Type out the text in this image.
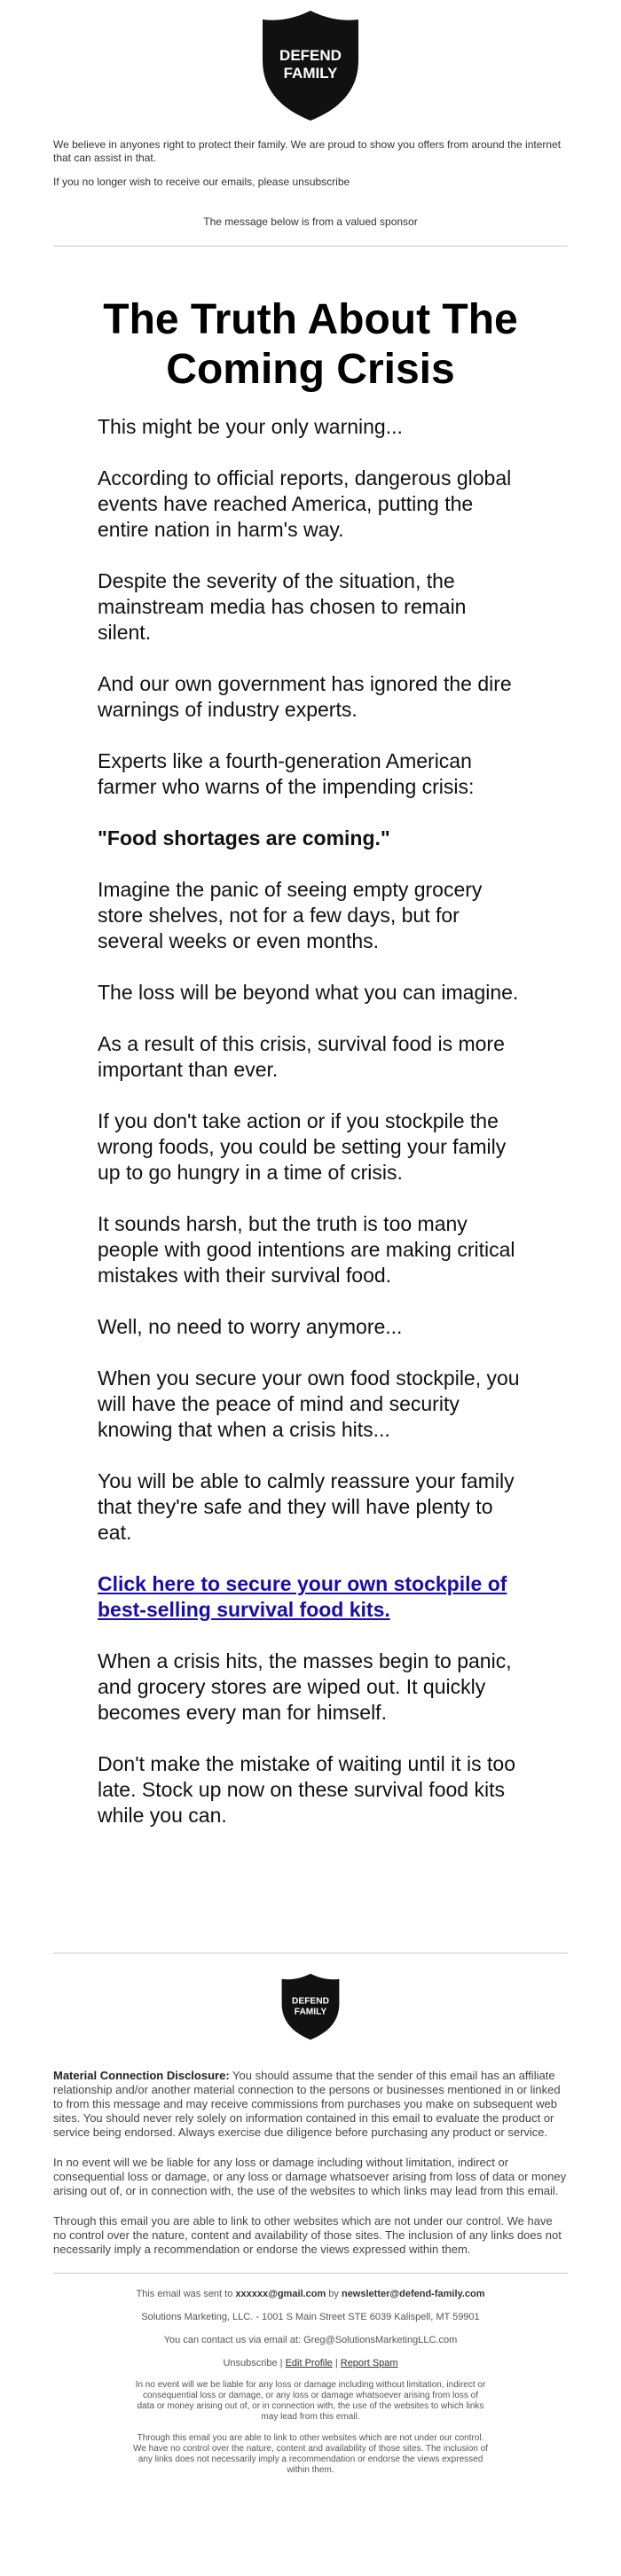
DEFEND
FAMILY

We believe in anyones right to protect their family. We are proud to show you offers from around the internet that can assist in that.

If you no longer wish to receive our emails, please unsubscribe

The message below is from a valued sponsor
The Truth About The Coming Crisis

This might be your only warning...

According to official reports, dangerous global events have reached America, putting the entire nation in harm's way.

Despite the severity of the situation, the mainstream media has chosen to remain silent.

And our own government has ignored the dire warnings of industry experts.

Experts like a fourth-generation American farmer who warns of the impending crisis:

"Food shortages are coming."

Imagine the panic of seeing empty grocery store shelves, not for a few days, but for several weeks or even months.

The loss will be beyond what you can imagine.

As a result of this crisis, survival food is more important than ever.

If you don't take action or if you stockpile the wrong foods, you could be setting your family up to go hungry in a time of crisis.

It sounds harsh, but the truth is too many people with good intentions are making critical mistakes with their survival food.

Well, no need to worry anymore...

When you secure your own food stockpile, you will have the peace of mind and security knowing that when a crisis hits...

You will be able to calmly reassure your family that they're safe and they will have plenty to eat.

Click here to secure your own stockpile of best-selling survival food kits.

When a crisis hits, the masses begin to panic, and grocery stores are wiped out. It quickly becomes every man for himself.

Don't make the mistake of waiting until it is too late. Stock up now on these survival food kits while you can.

DEFEND
FAMILY

Material Connection Disclosure: You should assume that the sender of this email has an affiliate relationship and/or another material connection to the persons or businesses mentioned in or linked to from this message and may receive commissions from purchases you make on subsequent web sites. You should never rely solely on information contained in this email to evaluate the product or service being endorsed. Always exercise due diligence before purchasing any product or service.

In no event will we be liable for any loss or damage including without limitation, indirect or consequential loss or damage, or any loss or damage whatsoever arising from loss of data or money arising out of, or in connection with, the use of the websites to which links may lead from this email.

Through this email you are able to link to other websites which are not under our control. We have no control over the nature, content and availability of those sites. The inclusion of any links does not necessarily imply a recommendation or endorse the views expressed within them.

This email was sent to xxxxxx@gmail.com by newsletter@defend-family.com

Solutions Marketing, LLC. - 1001 S Main Street STE 6039 Kalispell, MT 59901

You can contact us via email at: Greg@SolutionsMarketingLLC.com

Unsubscribe | Edit Profile | Report Spam

In no event will we be liable for any loss or damage including without limitation, indirect or consequential loss or damage, or any loss or damage whatsoever arising from loss of data or money arising out of, or in connection with, the use of the websites to which links may lead from this email.

Through this email you are able to link to other websites which are not under our control. We have no control over the nature, content and availability of those sites. The inclusion of any links does not necessarily imply a recommendation or endorse the views expressed within them.
